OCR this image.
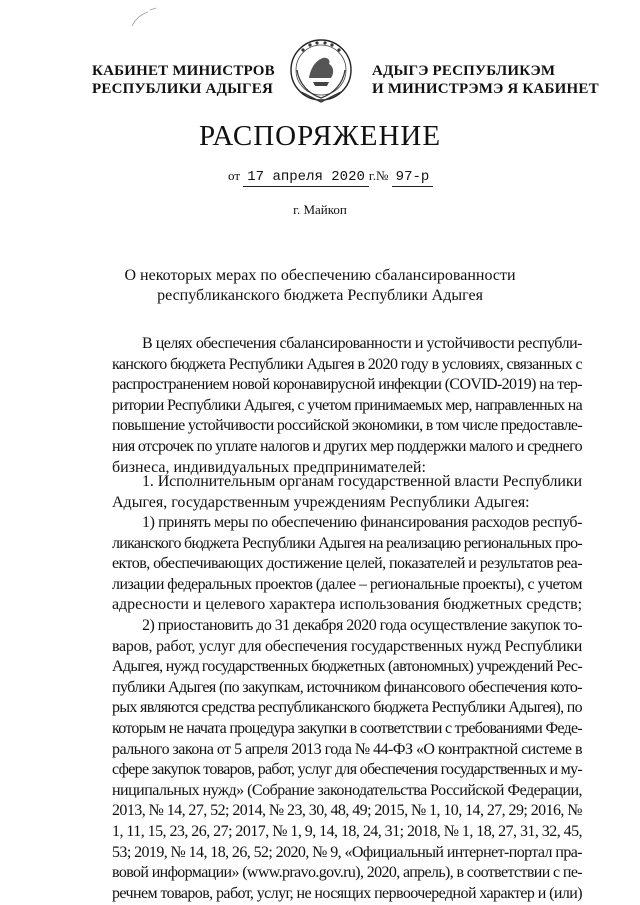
КАБИНЕТ МИНИСТРОВ
РЕСПУБЛИКИ АДЫГЕЯ
АДЫГЭ РЕСПУБЛИКЭМ
И МИНИСТРЭМЭ Я КАБИНЕТ
РАСПОРЯЖЕНИЕ
от 17 апреля 2020 г.№ 97-р
г. Майкоп
О некоторых мерах по обеспечению сбалансированности
республиканского бюджета Республики Адыгея
В целях обеспечения сбалансированности и устойчивости республи-
канского бюджета Республики Адыгея в 2020 году в условиях, связанных с
распространением новой коронавирусной инфекции (COVID-2019) на тер-
ритории Республики Адыгея, с учетом принимаемых мер, направленных на
повышение устойчивости российской экономики, в том числе предоставле-
ния отсрочек по уплате налогов и других мер поддержки малого и среднего
бизнеса, индивидуальных предпринимателей:
1. Исполнительным органам государственной власти Республики
Адыгея, государственным учреждениям Республики Адыгея:
1) принять меры по обеспечению финансирования расходов респуб-
ликанского бюджета Республики Адыгея на реализацию региональных про-
ектов, обеспечивающих достижение целей, показателей и результатов реа-
лизации федеральных проектов (далее – региональные проекты), с учетом
адресности и целевого характера использования бюджетных средств;
2) приостановить до 31 декабря 2020 года осуществление закупок то-
варов, работ, услуг для обеспечения государственных нужд Республики
Адыгея, нужд государственных бюджетных (автономных) учреждений Рес-
публики Адыгея (по закупкам, источником финансового обеспечения кото-
рых являются средства республиканского бюджета Республики Адыгея), по
которым не начата процедура закупки в соответствии с требованиями Феде-
рального закона от 5 апреля 2013 года № 44-ФЗ «О контрактной системе в
сфере закупок товаров, работ, услуг для обеспечения государственных и му-
ниципальных нужд» (Собрание законодательства Российской Федерации,
2013, № 14, 27, 52; 2014, № 23, 30, 48, 49; 2015, № 1, 10, 14, 27, 29; 2016, №
1, 11, 15, 23, 26, 27; 2017, № 1, 9, 14, 18, 24, 31; 2018, № 1, 18, 27, 31, 32, 45,
53; 2019, № 14, 18, 26, 52; 2020, № 9, «Официальный интернет-портал пра-
вовой информации» (www.pravo.gov.ru), 2020, апрель), в соответствии с пе-
речнем товаров, работ, услуг, не носящих первоочередной характер и (или)
